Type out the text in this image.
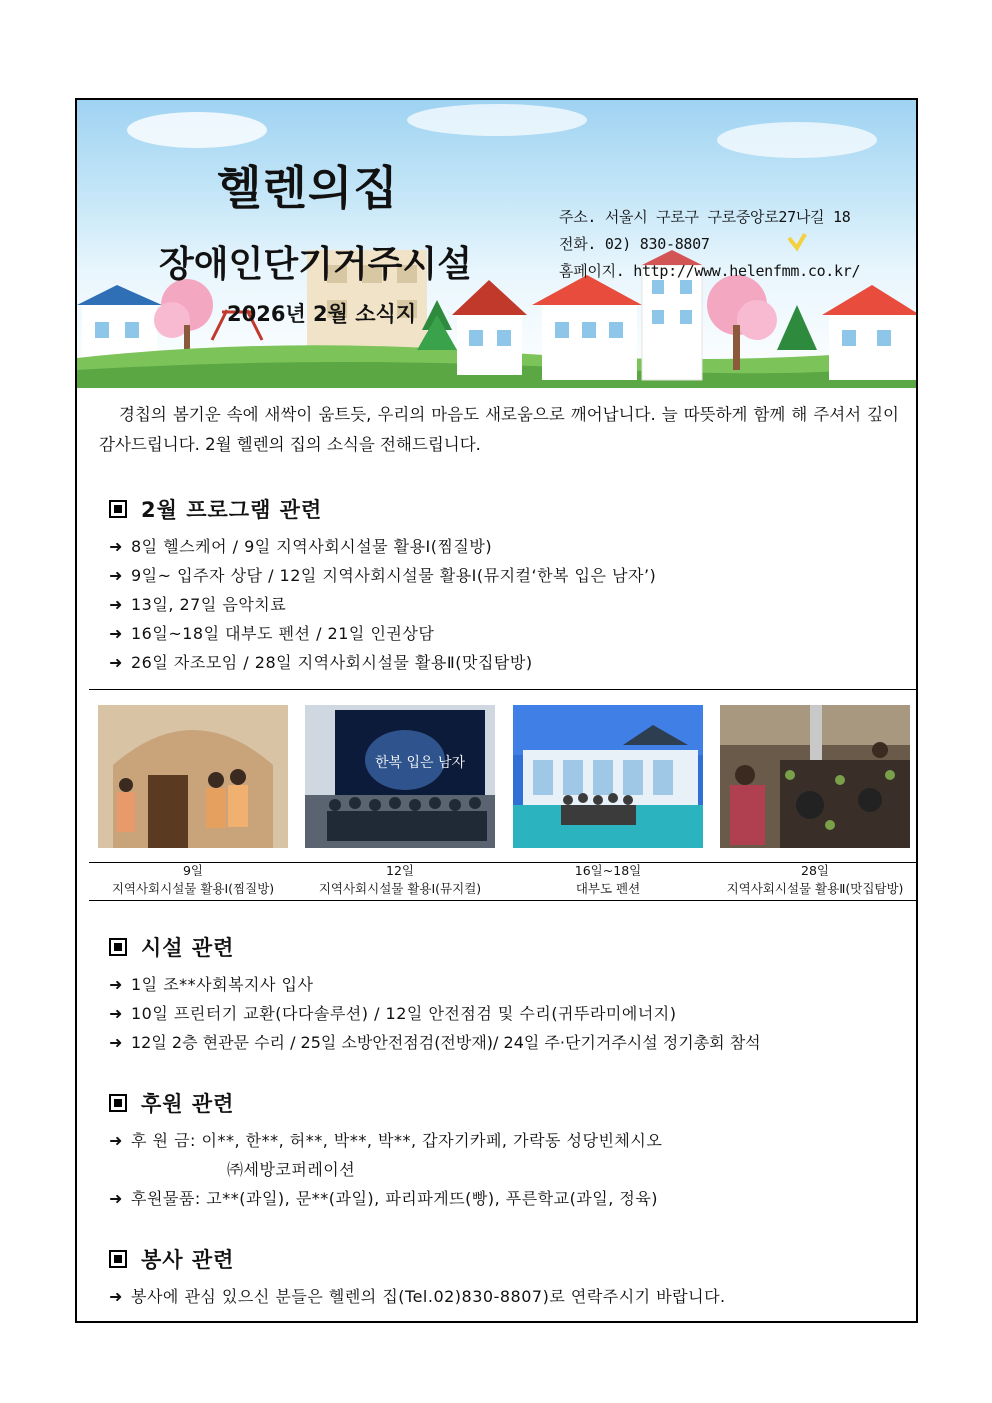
헬렌의집
장애인단기거주시설
2026년 2월 소식지
주소. 서울시 구로구 구로중앙로27나길 18
전화. 02) 830-8807
홈페이지. http://www.helenfmm.co.kr/
경칩의 봄기운 속에 새싹이 움트듯, 우리의 마음도 새로움으로 깨어납니다. 늘 따뜻하게 함께 해 주셔서 깊이 감사드립니다. 2월 헬렌의 집의 소식을 전해드립니다.
2월 프로그램 관련
➜ 8일 헬스케어 / 9일 지역사회시설물 활용Ⅰ(찜질방)
➜ 9일~ 입주자 상담 / 12일 지역사회시설물 활용Ⅰ(뮤지컬‘한복 입은 남자’)
➜ 13일, 27일 음악치료
➜ 16일~18일 대부도 펜션 / 21일 인권상담
➜ 26일 자조모임 / 28일 지역사회시설물 활용Ⅱ(맛집탐방)
한복 입은 남자
9일
지역사회시설물 활용Ⅰ(찜질방)
12일
지역사회시설물 활용Ⅰ(뮤지컬)
16일~18일
대부도 펜션
28일
지역사회시설물 활용Ⅱ(맛집탐방)
시설 관련
➜ 1일 조**사회복지사 입사
➜ 10일 프린터기 교환(다다솔루션) / 12일 안전점검 및 수리(귀뚜라미에너지)
➜ 12일 2층 현관문 수리 / 25일 소방안전점검(전방재)/ 24일 주·단기거주시설 정기총회 참석
후원 관련
➜ 후 원 금: 이**, 한**, 허**, 박**, 박**, 갑자기카페, 가락동 성당빈체시오
㈜세방코퍼레이션
➜ 후원물품: 고**(과일), 문**(과일), 파리파게뜨(빵), 푸른학교(과일, 정육)
봉사 관련
➜ 봉사에 관심 있으신 분들은 헬렌의 집(Tel.02)830-8807)로 연락주시기 바랍니다.
